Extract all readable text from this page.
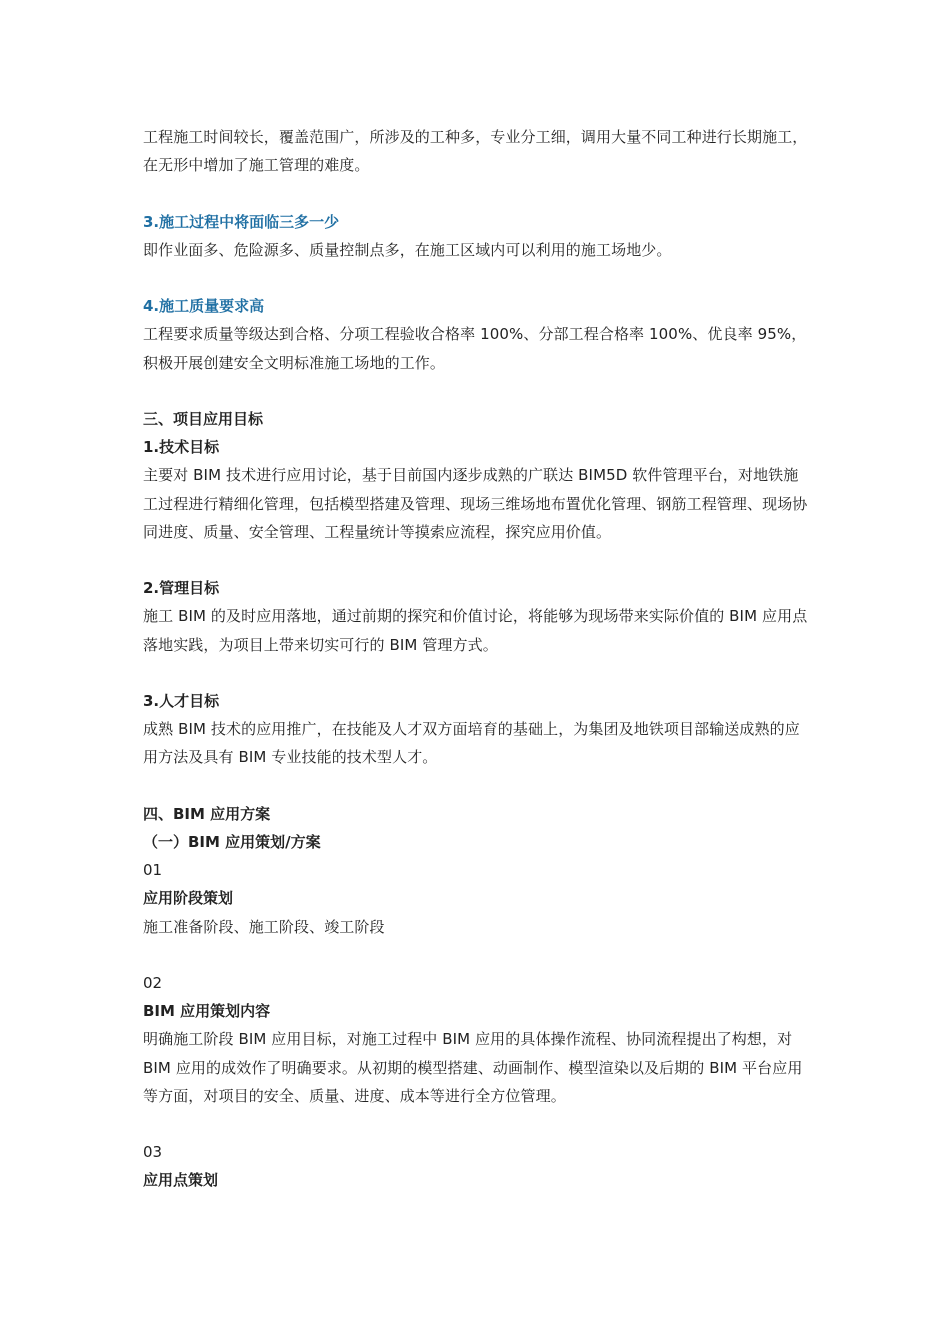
工程施工时间较长，覆盖范围广，所涉及的工种多，专业分工细，调用大量不同工种进行长期施工，在无形中增加了施工管理的难度。

3.施工过程中将面临三多一少

即作业面多、危险源多、质量控制点多，在施工区域内可以利用的施工场地少。

4.施工质量要求高

工程要求质量等级达到合格、分项工程验收合格率 100%、分部工程合格率 100%、优良率 95%，积极开展创建安全文明标准施工场地的工作。

三、项目应用目标

1.技术目标

主要对 BIM 技术进行应用讨论，基于目前国内逐步成熟的广联达 BIM5D 软件管理平台，对地铁施工过程进行精细化管理，包括模型搭建及管理、现场三维场地布置优化管理、钢筋工程管理、现场协同进度、质量、安全管理、工程量统计等摸索应流程，探究应用价值。

2.管理目标

施工 BIM 的及时应用落地，通过前期的探究和价值讨论，将能够为现场带来实际价值的 BIM 应用点落地实践，为项目上带来切实可行的 BIM 管理方式。

3.人才目标

成熟 BIM 技术的应用推广，在技能及人才双方面培育的基础上，为集团及地铁项目部输送成熟的应用方法及具有 BIM 专业技能的技术型人才。

四、BIM 应用方案

（一）BIM 应用策划/方案

01

应用阶段策划

施工准备阶段、施工阶段、竣工阶段

02

BIM 应用策划内容

明确施工阶段 BIM 应用目标，对施工过程中 BIM 应用的具体操作流程、协同流程提出了构想，对 BIM 应用的成效作了明确要求。从初期的模型搭建、动画制作、模型渲染以及后期的 BIM 平台应用等方面，对项目的安全、质量、进度、成本等进行全方位管理。

03

应用点策划
